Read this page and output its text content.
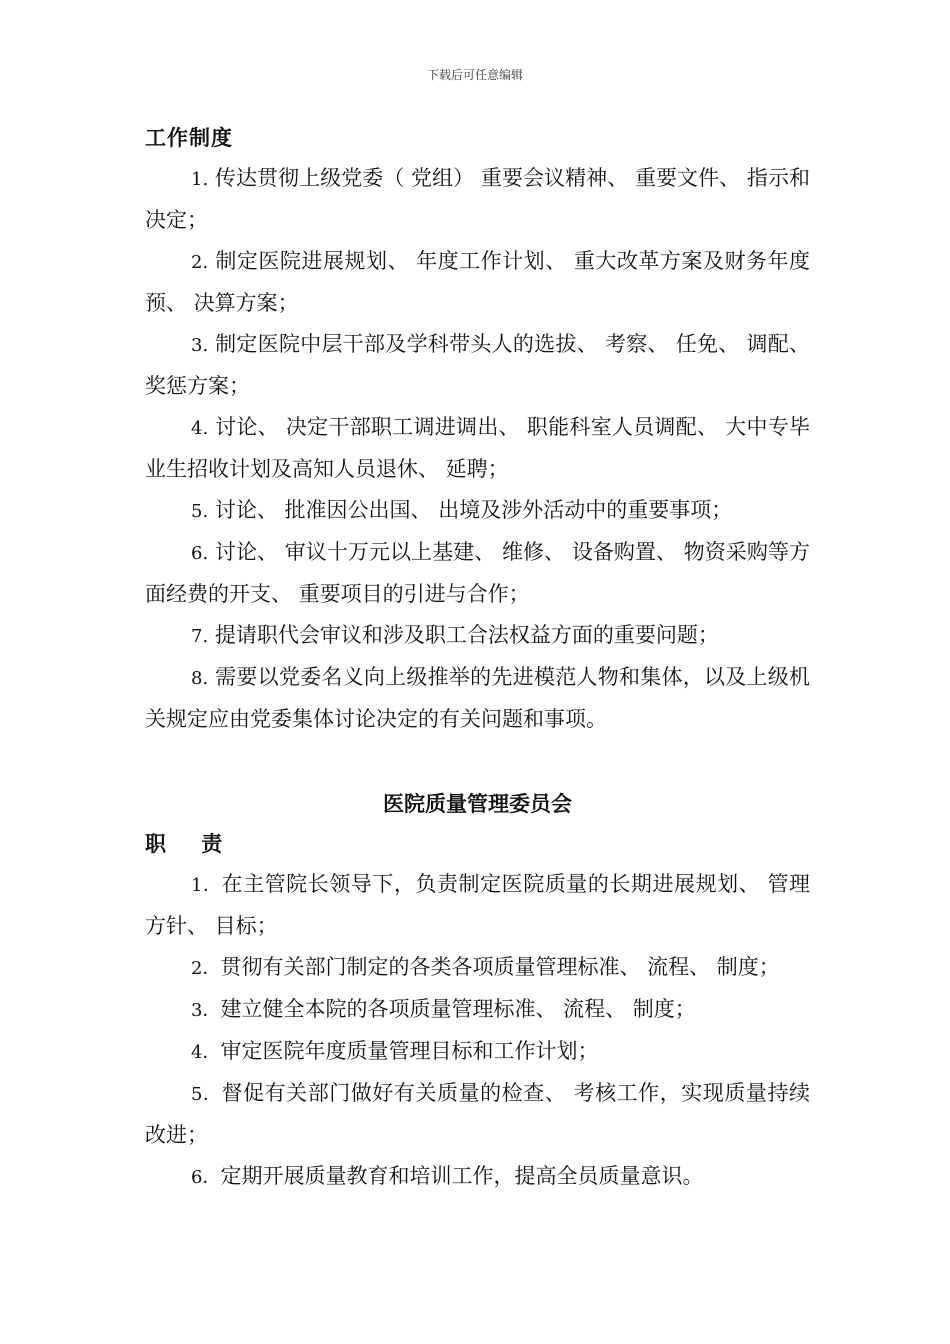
下载后可任意编辑
工作制度

1. 传达贯彻上级党委（ 党组） 重要会议精神、 重要文件、 指示和决定；

2. 制定医院进展规划、 年度工作计划、 重大改革方案及财务年度预、 决算方案；

3. 制定医院中层干部及学科带头人的选拔、 考察、 任免、 调配、 奖惩方案；

4. 讨论、 决定干部职工调进调出、 职能科室人员调配、 大中专毕业生招收计划及高知人员退休、 延聘；

5. 讨论、 批准因公出国、 出境及涉外活动中的重要事项；

6. 讨论、 审议十万元以上基建、 维修、 设备购置、 物资采购等方面经费的开支、 重要项目的引进与合作；

7. 提请职代会审议和涉及职工合法权益方面的重要问题；

8. 需要以党委名义向上级推举的先进模范人物和集体，以及上级机关规定应由党委集体讨论决定的有关问题和事项。

医院质量管理委员会
职 责

1．在主管院长领导下，负责制定医院质量的长期进展规划、 管理方针、 目标；

2．贯彻有关部门制定的各类各项质量管理标准、 流程、 制度；

3．建立健全本院的各项质量管理标准、 流程、 制度；

4．审定医院年度质量管理目标和工作计划；

5．督促有关部门做好有关质量的检查、 考核工作，实现质量持续改进；

6．定期开展质量教育和培训工作，提高全员质量意识。
